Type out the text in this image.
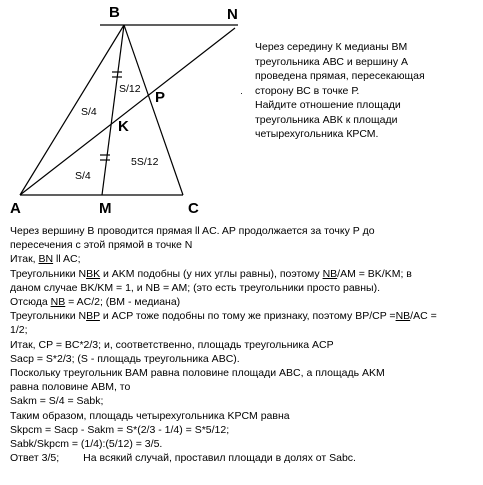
B	N
P
K
A	M	C
S/12
S/4
S/4
5S/12
·

Через середину К медианы ВМ
треугольника АВС и вершину А
проведена прямая, пересекающая
сторону ВС в точке Р.
Найдите отношение площади
треугольника АВК к площади
четырехугольника КРСМ.

Через вершину В проводится прямая ll AC. AP продолжается за точку Р до
пересечения с этой прямой в точке N
Итак, BN ll AC;
Треугольники NBK и AKM подобны (у них углы равны), поэтому NB/AM = BK/KM; в
даном случае BK/KM = 1, и NB = AM; (это есть треугольники просто равны).
Отсюда NB = AC/2; (BM - медиана)
Треугольники NBP и ACP тоже подобны по тому же признаку, поэтому BP/CP =NB/AC =
1/2;
Итак, CP = BC*2/3; и, соответственно, площадь треугольника ACP
Sacp = S*2/3; (S - площадь треугольника ABC).
Поскольку треугольник BAM равна половине площади ABC, а площадь AKM
равна половине ABM, то
Sakm = S/4 = Sabk;
Таким образом, площадь четырехугольника KPCM равна
Skpcm = Sacp - Sakm = S*(2/3 - 1/4) = S*5/12;
Sabk/Skpcm = (1/4):(5/12) = 3/5.
Ответ 3/5; На всякий случай, проставил площади в долях от Sabc.
